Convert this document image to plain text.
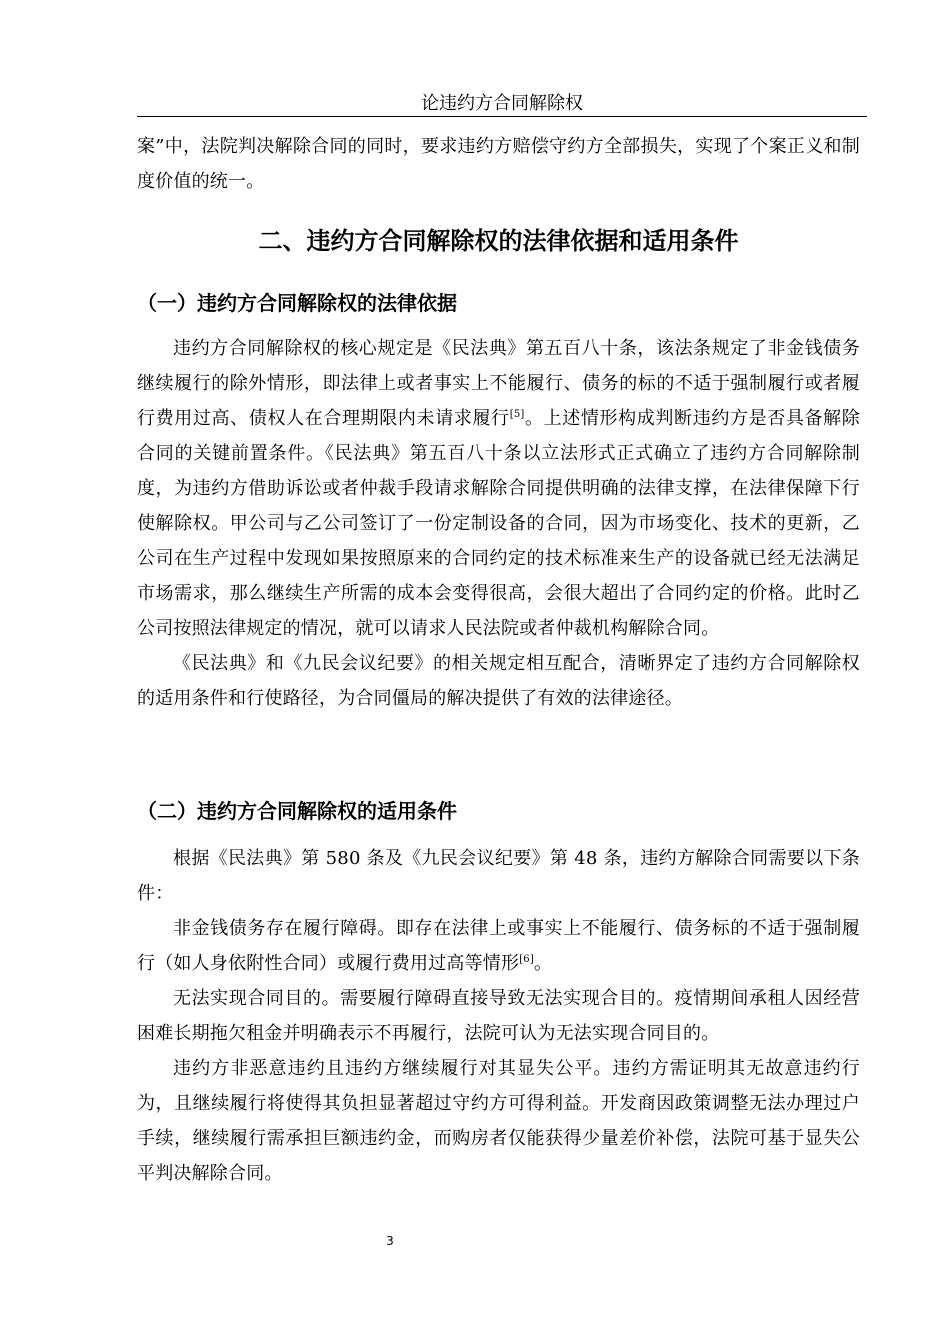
论违约方合同解除权

案”中，法院判决解除合同的同时，要求违约方赔偿守约方全部损失，实现了个案正义和制度价值的统一。

二、违约方合同解除权的法律依据和适用条件
（一）违约方合同解除权的法律依据

违约方合同解除权的核心规定是《民法典》第五百八十条，该法条规定了非金钱债务继续履行的除外情形，即法律上或者事实上不能履行、债务的标的不适于强制履行或者履行费用过高、债权人在合理期限内未请求履行[5]。上述情形构成判断违约方是否具备解除合同的关键前置条件。《民法典》第五百八十条以立法形式正式确立了违约方合同解除制度，为违约方借助诉讼或者仲裁手段请求解除合同提供明确的法律支撑，在法律保障下行使解除权。甲公司与乙公司签订了一份定制设备的合同，因为市场变化、技术的更新，乙公司在生产过程中发现如果按照原来的合同约定的技术标准来生产的设备就已经无法满足市场需求，那么继续生产所需的成本会变得很高，会很大超出了合同约定的价格。此时乙公司按照法律规定的情况，就可以请求人民法院或者仲裁机构解除合同。

《民法典》和《九民会议纪要》的相关规定相互配合，清晰界定了违约方合同解除权的适用条件和行使路径，为合同僵局的解决提供了有效的法律途径。

（二）违约方合同解除权的适用条件

根据《民法典》第 580 条及《九民会议纪要》第 48 条，违约方解除合同需要以下条件：

非金钱债务存在履行障碍。即存在法律上或事实上不能履行、债务标的不适于强制履行（如人身依附性合同）或履行费用过高等情形[6]。

无法实现合同目的。需要履行障碍直接导致无法实现合目的。疫情期间承租人因经营困难长期拖欠租金并明确表示不再履行，法院可认为无法实现合同目的。

违约方非恶意违约且违约方继续履行对其显失公平。违约方需证明其无故意违约行为，且继续履行将使得其负担显著超过守约方可得利益。开发商因政策调整无法办理过户手续，继续履行需承担巨额违约金，而购房者仅能获得少量差价补偿，法院可基于显失公平判决解除合同。

3
